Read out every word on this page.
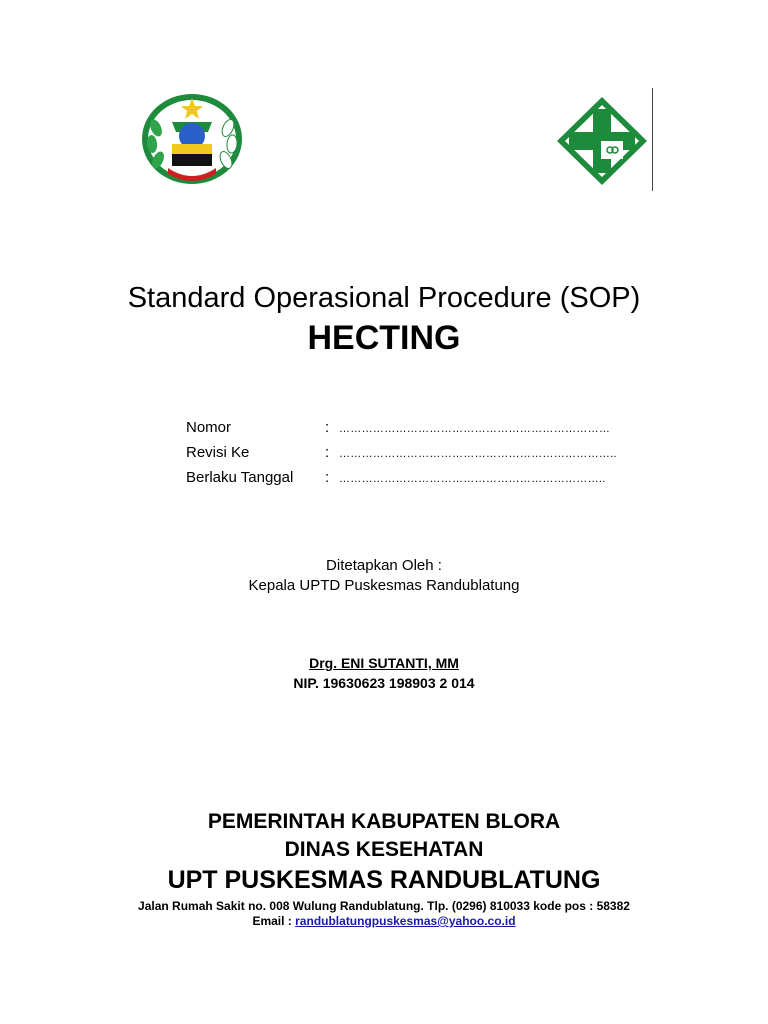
Standard Operasional Procedure (SOP)
HECTING
Nomor	: ………………………………………………………………
Revisi Ke	: ………………………………………………………………..
Berlaku Tanggal : ……………………………………………………………..
Ditetapkan Oleh :
Kepala UPTD Puskesmas Randublatung
Drg. ENI SUTANTI, MM
NIP. 19630623 198903 2 014
PEMERINTAH KABUPATEN BLORA
DINAS KESEHATAN
UPT PUSKESMAS RANDUBLATUNG
Jalan Rumah Sakit no. 008 Wulung Randublatung. Tlp. (0296) 810033 kode pos : 58382
Email : randublatungpuskesmas@yahoo.co.id
